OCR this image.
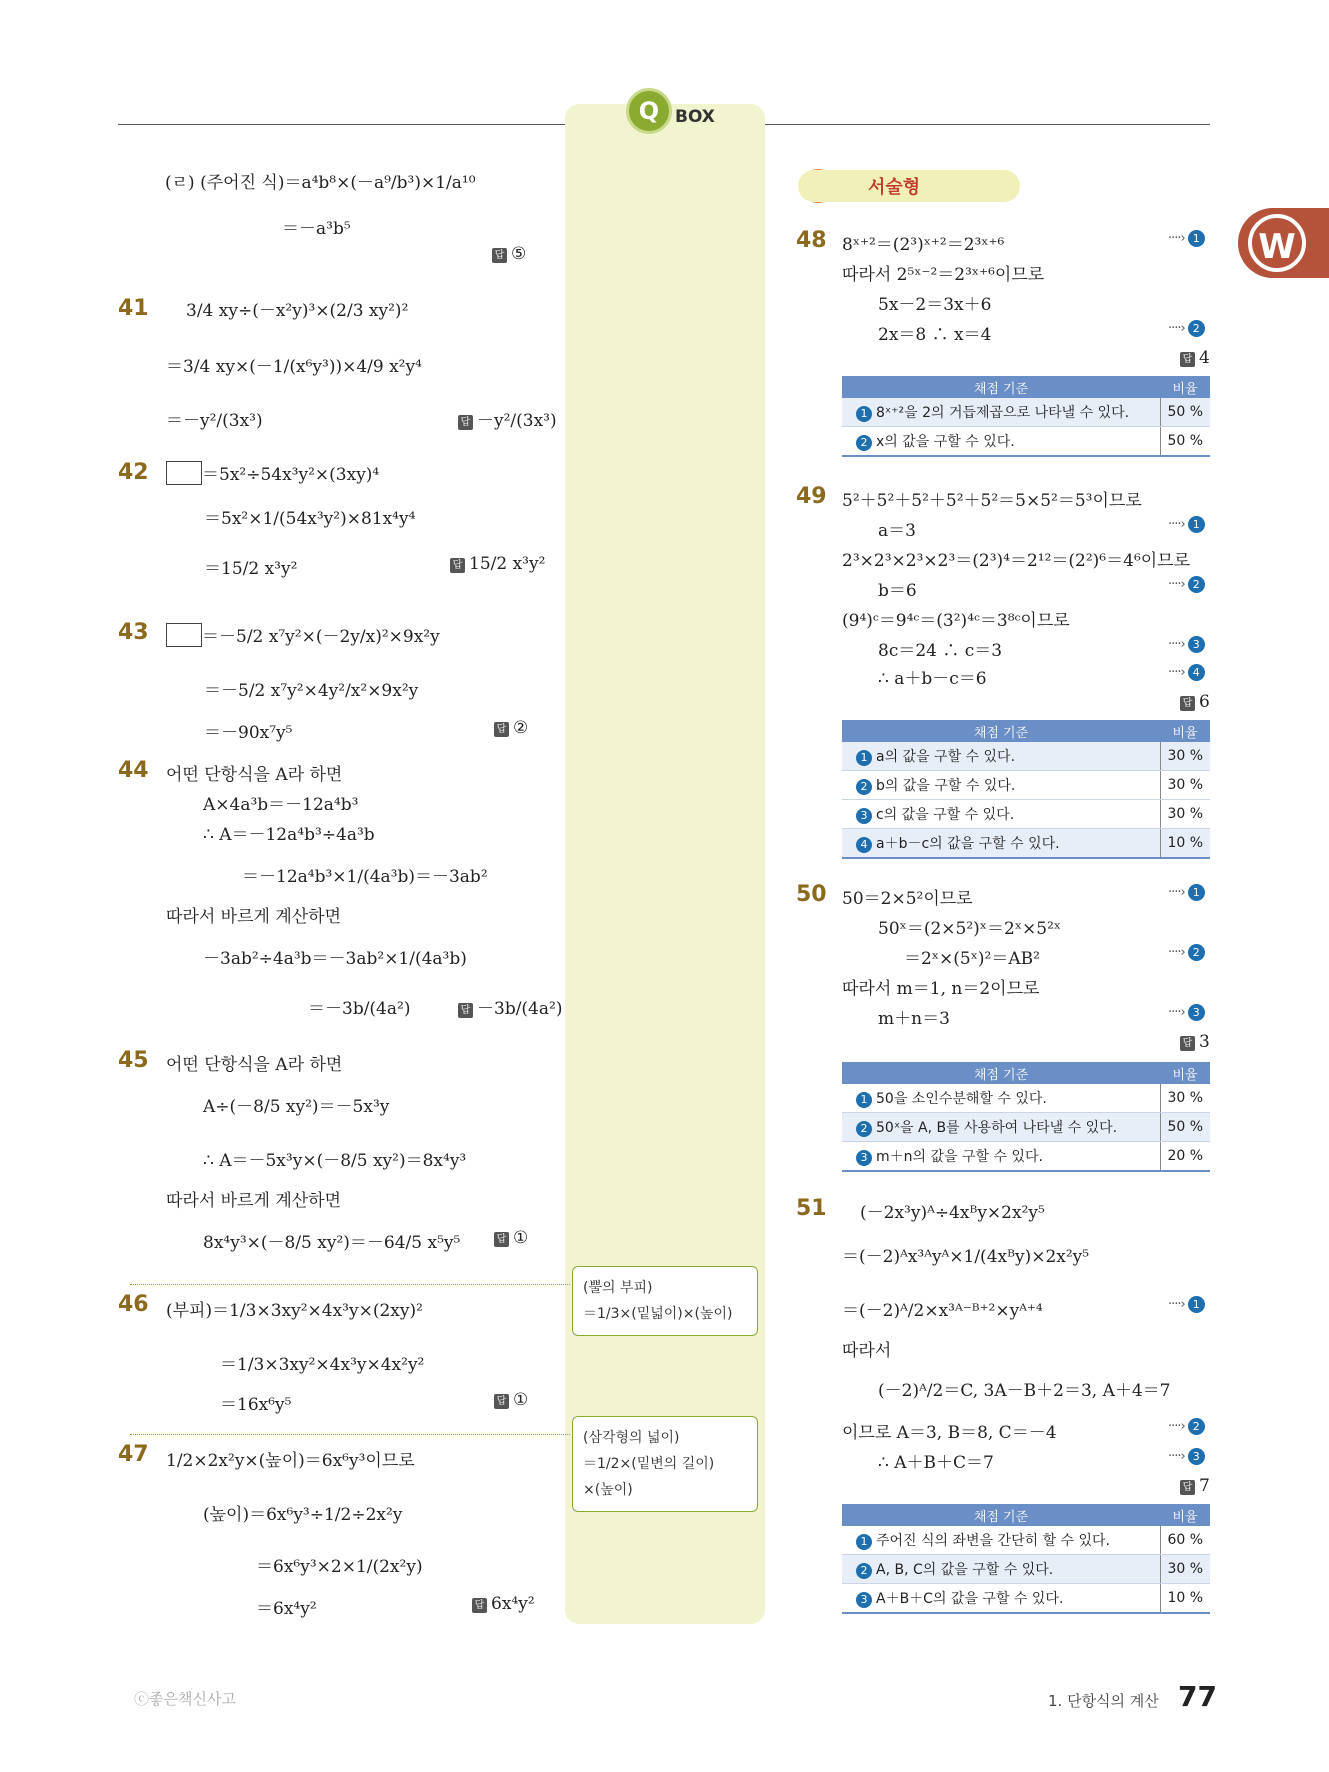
Q BOX
W
(ㄹ) (주어진 식)＝a⁴b⁸×(－a⁹/b³)×1/a¹⁰
＝－a³b⁵
답 ⑤
41 3/4 xy÷(－x²y)³×(2/3 xy²)²
＝3/4 xy×(－1/(x⁶y³))×4/9 x²y⁴
＝－y²/(3x³)	답 －y²/(3x³)
42	＝5x²÷54x³y²×(3xy)⁴
＝5x²×1/(54x³y²)×81x⁴y⁴
＝15/2 x³y²	답 15/2 x³y²
43	＝－5/2 x⁷y²×(－2y/x)²×9x²y
＝－5/2 x⁷y²×4y²/x²×9x²y
＝－90x⁷y⁵	답 ②
44 어떤 단항식을 A라 하면
A×4a³b＝－12a⁴b³
∴ A＝－12a⁴b³÷4a³b
＝－12a⁴b³×1/(4a³b)＝－3ab²
따라서 바르게 계산하면
－3ab²÷4a³b＝－3ab²×1/(4a³b)
＝－3b/(4a²)	답 －3b/(4a²)
45 어떤 단항식을 A라 하면
A÷(－8/5 xy²)＝－5x³y
∴ A＝－5x³y×(－8/5 xy²)＝8x⁴y³
따라서 바르게 계산하면
8x⁴y³×(－8/5 xy²)＝－64/5 x⁵y⁵	답 ①
46 (부피)＝1/3×3xy²×4x³y×(2xy)²
＝1/3×3xy²×4x³y×4x²y²
＝16x⁶y⁵	답 ①
47 1/2×2x²y×(높이)＝6x⁶y³이므로
(높이)＝6x⁶y³÷1/2÷2x²y
＝6x⁶y³×2×1/(2x²y)
＝6x⁴y²	답 6x⁴y²
(뿔의 부피)
＝1/3×(밑넓이)×(높이)
(삼각형의 넓이)
＝1/2×(밑변의 길이)
×(높이)
서술형
48 8ˣ⁺²＝(2³)ˣ⁺²＝2³ˣ⁺⁶
따라서 2⁵ˣ⁻²＝2³ˣ⁺⁶이므로
5x－2＝3x＋6
2x＝8 ∴ x＝4
····› 1
····› 2
답 4
채점 기준	비율
1 8ˣ⁺²을 2의 거듭제곱으로 나타낼 수 있다.	50 %
2 x의 값을 구할 수 있다.	50 %
49 5²＋5²＋5²＋5²＋5²＝5×5²＝5³이므로
a＝3
2³×2³×2³×2³＝(2³)⁴＝2¹²＝(2²)⁶＝4⁶이므로
b＝6
(9⁴)ᶜ＝9⁴ᶜ＝(3²)⁴ᶜ＝3⁸ᶜ이므로
8c＝24 ∴ c＝3
∴ a＋b－c＝6
····› 1
····› 2
····› 3
····› 4
답 6
채점 기준	비율
1 a의 값을 구할 수 있다.	30 %
2 b의 값을 구할 수 있다.	30 %
3 c의 값을 구할 수 있다.	30 %
4 a＋b－c의 값을 구할 수 있다.	10 %
50 50＝2×5²이므로
50ˣ＝(2×5²)ˣ＝2ˣ×5²ˣ
＝2ˣ×(5ˣ)²＝AB²
따라서 m＝1, n＝2이므로
m＋n＝3
····› 1
····› 2
····› 3
답 3
채점 기준	비율
1 50을 소인수분해할 수 있다.	30 %
2 50ˣ을 A, B를 사용하여 나타낼 수 있다.	50 %
3 m＋n의 값을 구할 수 있다.	20 %
51 (－2x³y)ᴬ÷4xᴮy×2x²y⁵
＝(－2)ᴬx³ᴬyᴬ×1/(4xᴮy)×2x²y⁵
＝(－2)ᴬ/2×x³ᴬ⁻ᴮ⁺²×yᴬ⁺⁴
따라서
(－2)ᴬ/2＝C, 3A－B＋2＝3, A＋4＝7
이므로 A＝3, B＝8, C＝－4
∴ A＋B＋C＝7
····› 1
····› 2
····› 3
답 7
채점 기준	비율
1 주어진 식의 좌변을 간단히 할 수 있다.	60 %
2 A, B, C의 값을 구할 수 있다.	30 %
3 A＋B＋C의 값을 구할 수 있다.	10 %
ⓒ좋은책신사고	1. 단항식의 계산 77
